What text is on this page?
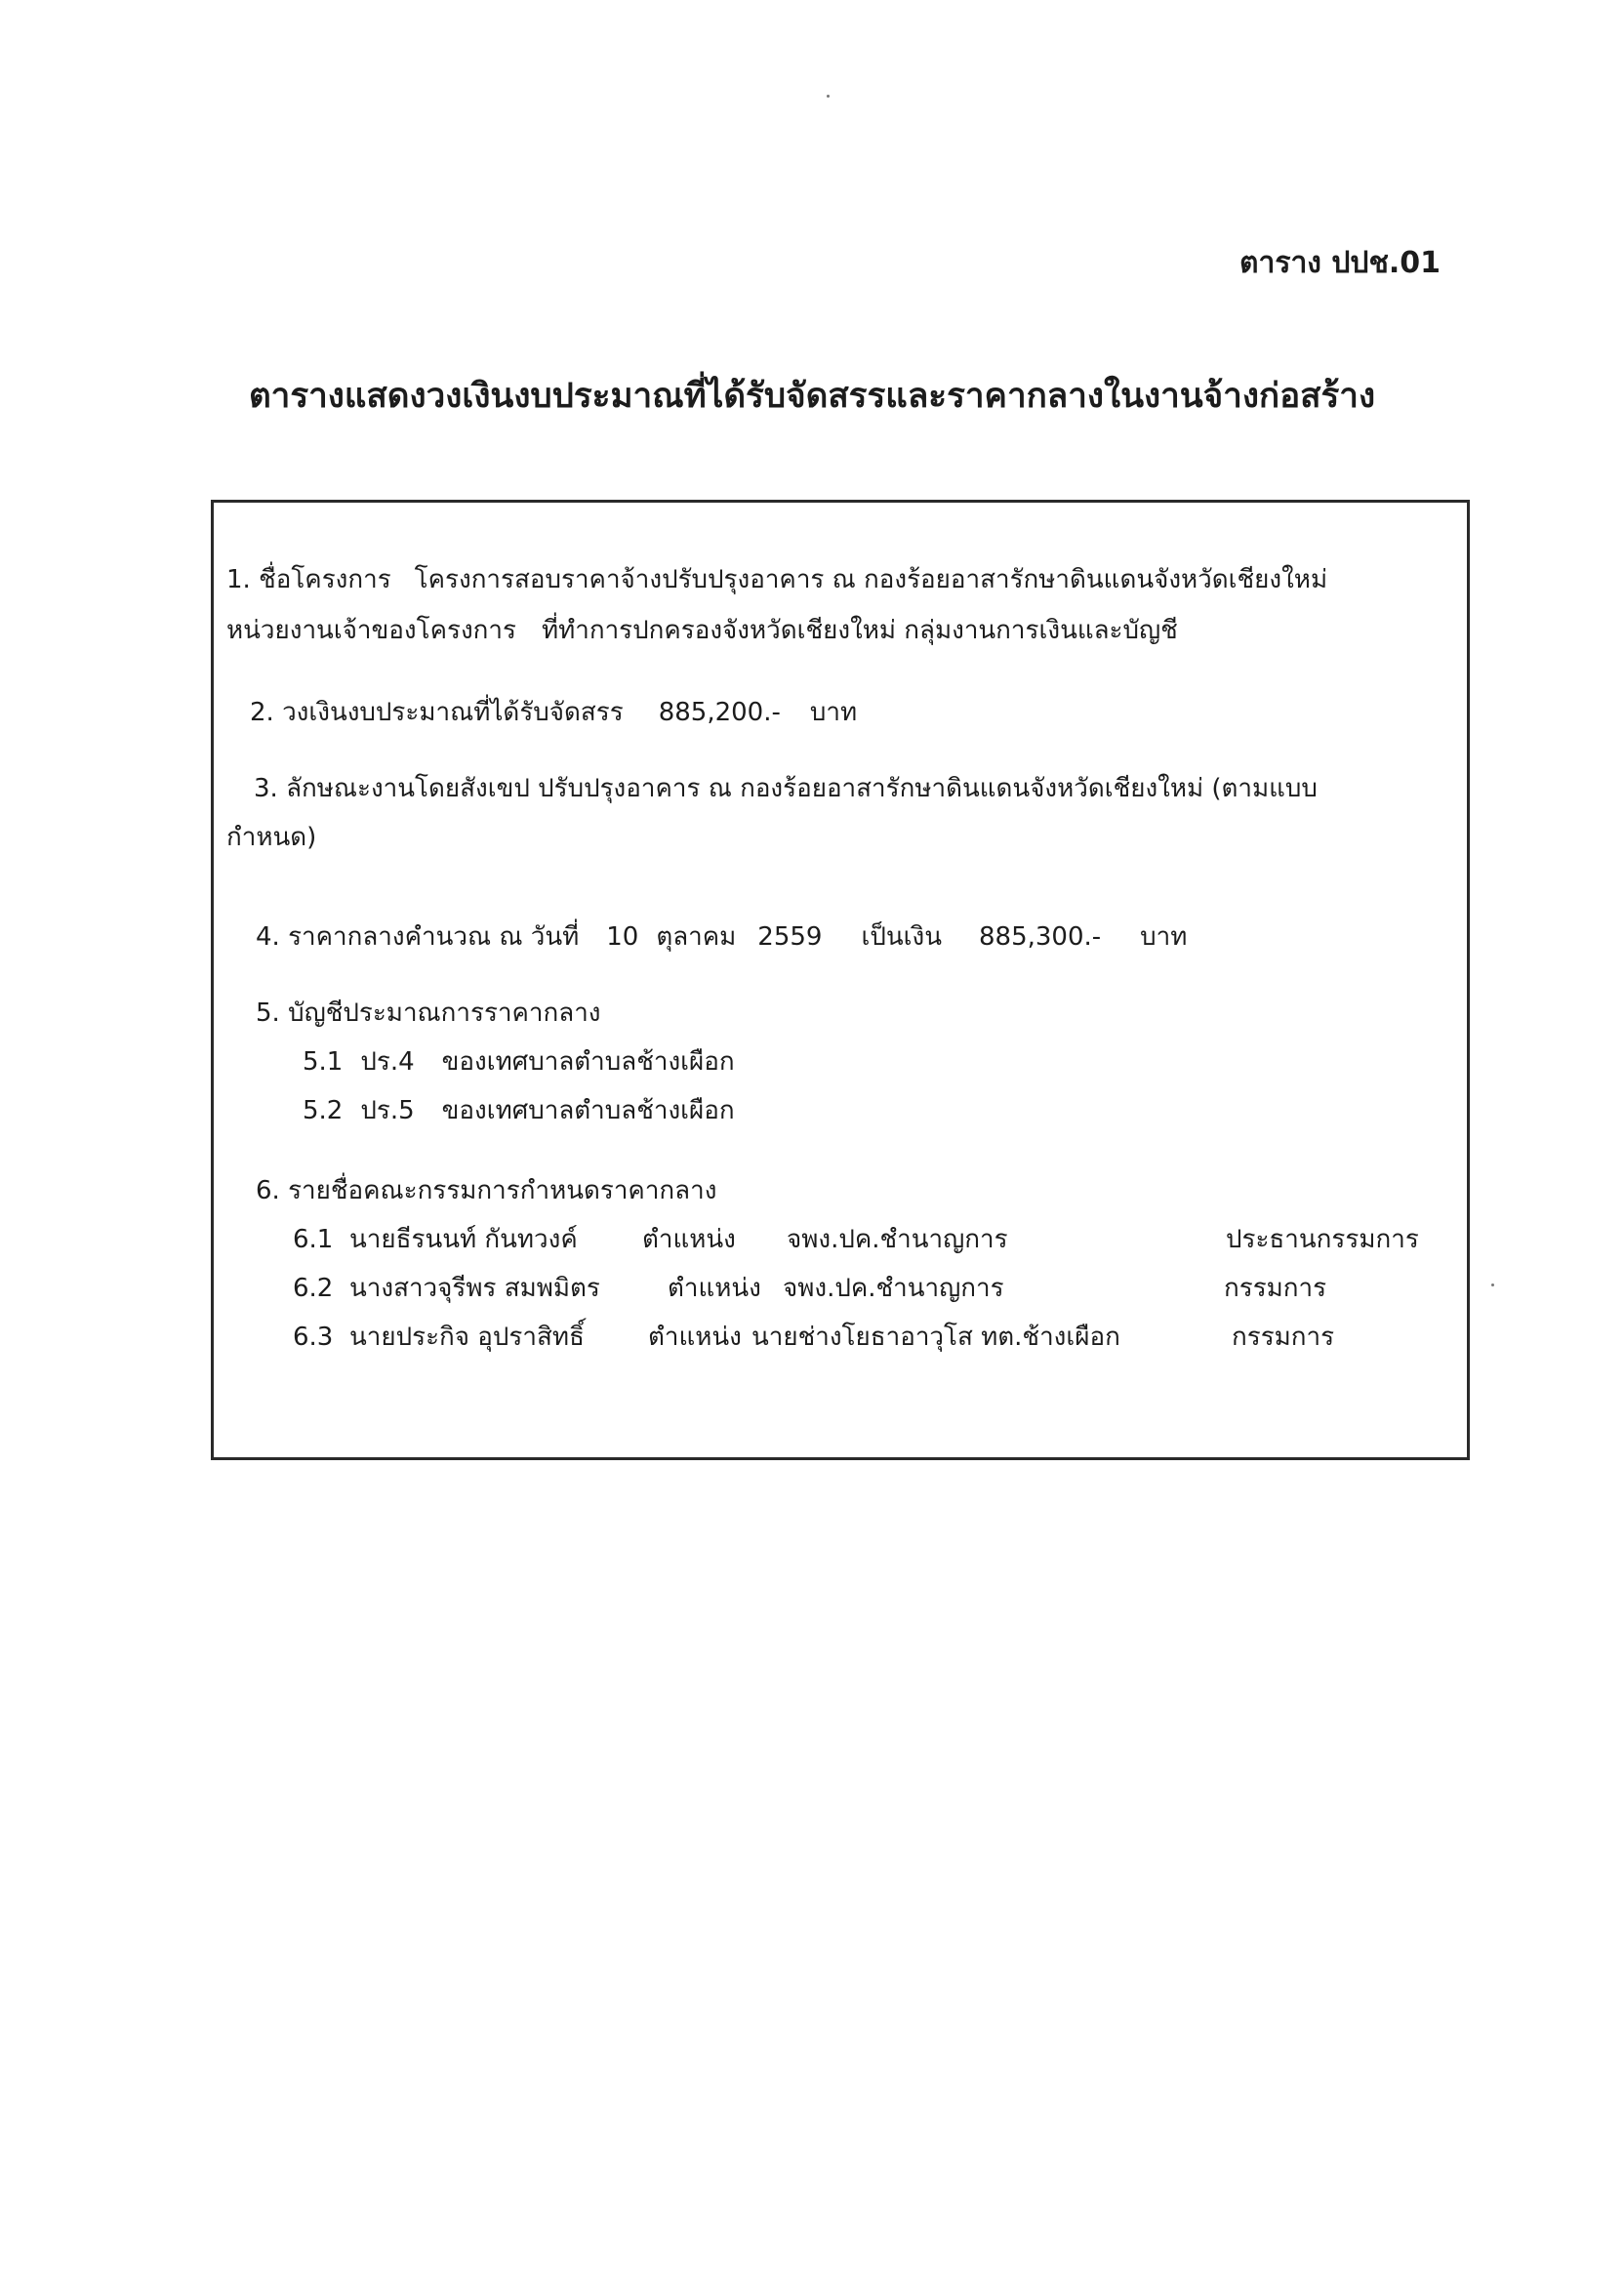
ตาราง ปปช.01
ตารางแสดงวงเงินงบประมาณที่ได้รับจัดสรรและราคากลางในงานจ้างก่อสร้าง
1. ชื่อโครงการ โครงการสอบราคาจ้างปรับปรุงอาคาร ณ กองร้อยอาสารักษาดินแดนจังหวัดเชียงใหม่
หน่วยงานเจ้าของโครงการ ที่ทำการปกครองจังหวัดเชียงใหม่ กลุ่มงานการเงินและบัญชี
2. วงเงินงบประมาณที่ได้รับจัดสรร 885,200.- บาท
3. ลักษณะงานโดยสังเขป ปรับปรุงอาคาร ณ กองร้อยอาสารักษาดินแดนจังหวัดเชียงใหม่ (ตามแบบ
กำหนด)
4. ราคากลางคำนวณ ณ วันที่ 10 ตุลาคม 2559 เป็นเงิน 885,300.- บาท
5. บัญชีประมาณการราคากลาง
5.1 ปร.4 ของเทศบาลตำบลช้างเผือก
5.2 ปร.5 ของเทศบาลตำบลช้างเผือก
6. รายชื่อคณะกรรมการกำหนดราคากลาง
6.1 นายธีรนนท์ กันทวงค์	ตำแหน่ง จพง.ปค.ชำนาญการ	ประธานกรรมการ
6.2 นางสาวจุรีพร สมพมิตร	ตำแหน่ง จพง.ปค.ชำนาญการ	กรรมการ
6.3 นายประกิจ อุปราสิทธิ์	ตำแหน่ง นายช่างโยธาอาวุโส ทต.ช้างเผือก	กรรมการ
